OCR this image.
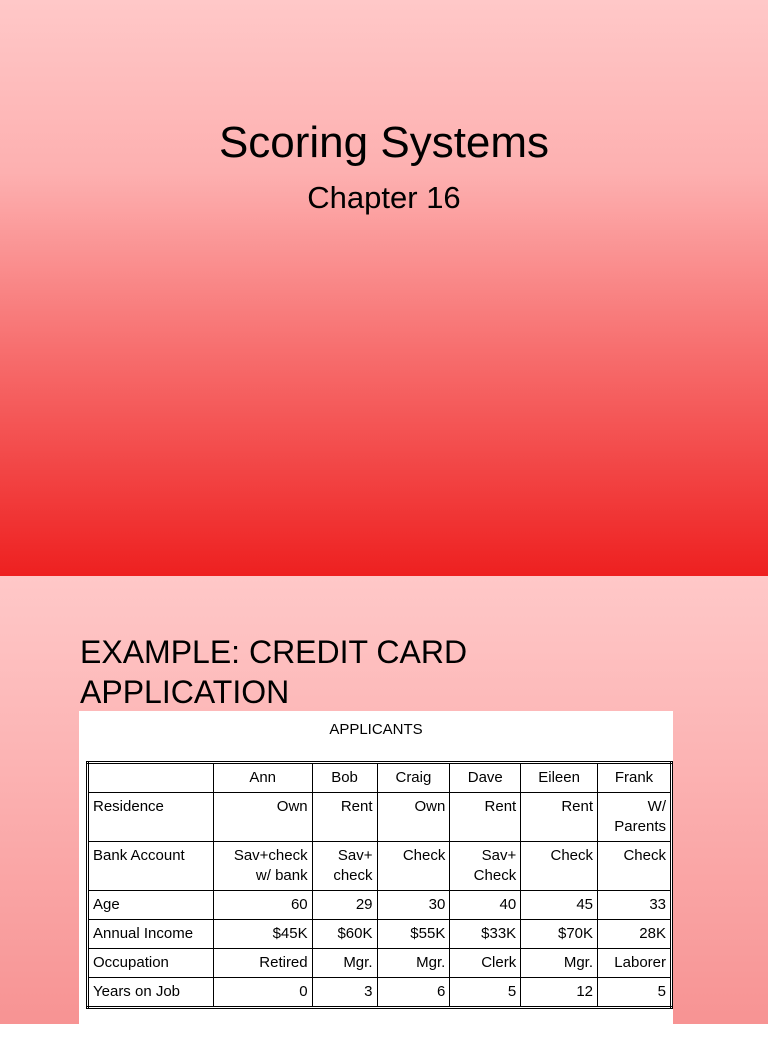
Scoring Systems
Chapter 16
EXAMPLE: CREDIT CARD APPLICATION
APPLICANTS
	Ann	Bob	Craig	Dave	Eileen	Frank
Residence	Own	Rent	Own	Rent	Rent	W/ Parents
Bank Account	Sav+check w/ bank	Sav+ check	Check	Sav+ Check	Check	Check
Age	60	29	30	40	45	33
Annual Income	$45K	$60K	$55K	$33K	$70K	28K
Occupation	Retired	Mgr.	Mgr.	Clerk	Mgr.	Laborer
Years on Job	0	3	6	5	12	5
